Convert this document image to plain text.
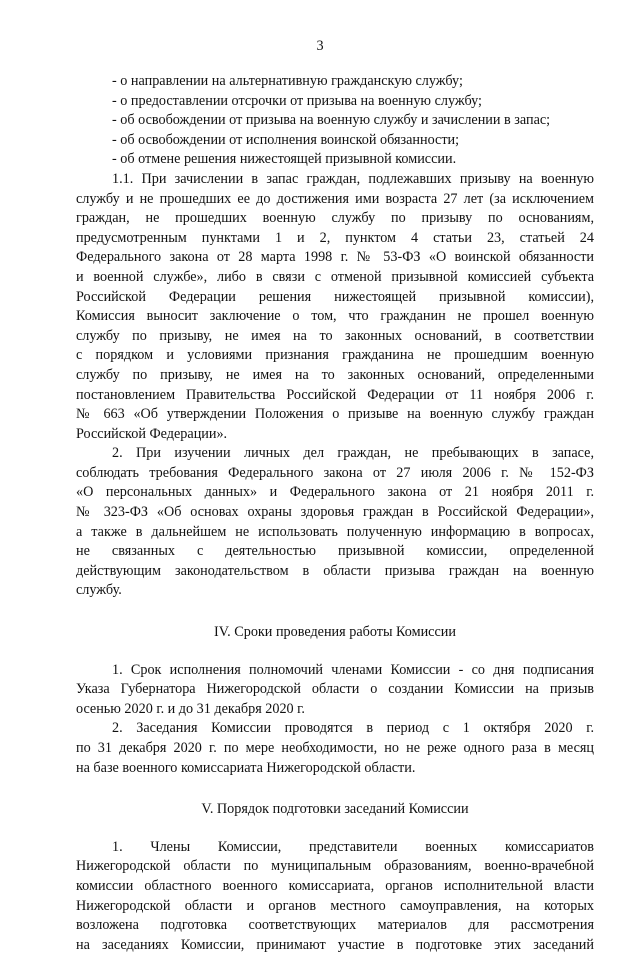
3
- о направлении на альтернативную гражданскую службу;
- о предоставлении отсрочки от призыва на военную службу;
- об освобождении от призыва на военную службу и зачислении в запас;
- об освобождении от исполнения воинской обязанности;
- об отмене решения нижестоящей призывной комиссии.
1.1. При зачислении в запас граждан, подлежавших призыву на военную
службу и не прошедших ее до достижения ими возраста 27 лет (за исключением
граждан, не прошедших военную службу по призыву по основаниям,
предусмотренным пунктами 1 и 2, пунктом 4 статьи 23, статьей 24
Федерального закона от 28 марта 1998 г. № 53-ФЗ «О воинской обязанности
и военной службе», либо в связи с отменой призывной комиссией субъекта
Российской Федерации решения нижестоящей призывной комиссии),
Комиссия выносит заключение о том, что гражданин не прошел военную
службу по призыву, не имея на то законных оснований, в соответствии
с порядком и условиями признания гражданина не прошедшим военную
службу по призыву, не имея на то законных оснований, определенными
постановлением Правительства Российской Федерации от 11 ноября 2006 г.
№ 663 «Об утверждении Положения о призыве на военную службу граждан
Российской Федерации».
2. При изучении личных дел граждан, не пребывающих в запасе,
соблюдать требования Федерального закона от 27 июля 2006 г. № 152-ФЗ
«О персональных данных» и Федерального закона от 21 ноября 2011 г.
№ 323-ФЗ «Об основах охраны здоровья граждан в Российской Федерации»,
а также в дальнейшем не использовать полученную информацию в вопросах,
не связанных с деятельностью призывной комиссии, определенной
действующим законодательством в области призыва граждан на военную
службу.
IV. Сроки проведения работы Комиссии
1. Срок исполнения полномочий членами Комиссии - со дня подписания
Указа Губернатора Нижегородской области о создании Комиссии на призыв
осенью 2020 г. и до 31 декабря 2020 г.
2. Заседания Комиссии проводятся в период с 1 октября 2020 г.
по 31 декабря 2020 г. по мере необходимости, но не реже одного раза в месяц
на базе военного комиссариата Нижегородской области.
V. Порядок подготовки заседаний Комиссии
1. Члены Комиссии, представители военных комиссариатов
Нижегородской области по муниципальным образованиям, военно-врачебной
комиссии областного военного комиссариата, органов исполнительной власти
Нижегородской области и органов местного самоуправления, на которых
возложена подготовка соответствующих материалов для рассмотрения
на заседаниях Комиссии, принимают участие в подготовке этих заседаний
